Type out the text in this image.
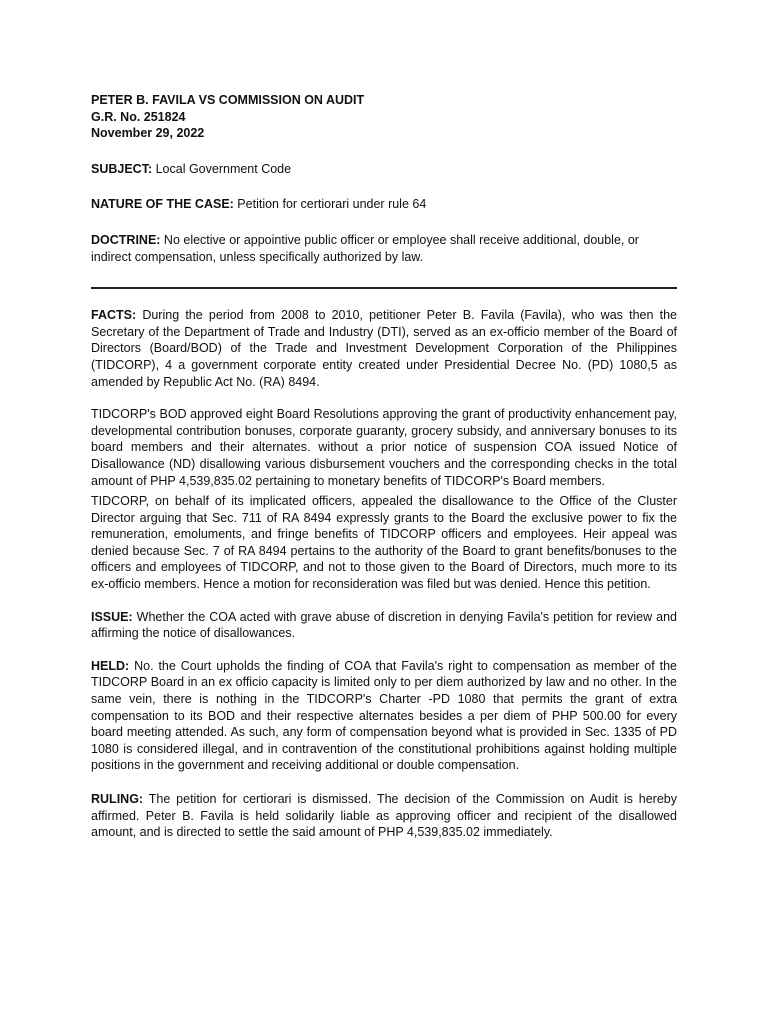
PETER B. FAVILA VS COMMISSION ON AUDIT
G.R. No. 251824
November 29, 2022

SUBJECT: Local Government Code

NATURE OF THE CASE: Petition for certiorari under rule 64

DOCTRINE: No elective or appointive public officer or employee shall receive additional, double, or indirect compensation, unless specifically authorized by law.

FACTS: During the period from 2008 to 2010, petitioner Peter B. Favila (Favila), who was then the Secretary of the Department of Trade and Industry (DTI), served as an ex-officio member of the Board of Directors (Board/BOD) of the Trade and Investment Development Corporation of the Philippines (TIDCORP), 4 a government corporate entity created under Presidential Decree No. (PD) 1080,5 as amended by Republic Act No. (RA) 8494.

TIDCORP's BOD approved eight Board Resolutions approving the grant of productivity enhancement pay, developmental contribution bonuses, corporate guaranty, grocery subsidy, and anniversary bonuses to its board members and their alternates. without a prior notice of suspension COA issued Notice of Disallowance (ND) disallowing various disbursement vouchers and the corresponding checks in the total amount of PHP 4,539,835.02 pertaining to monetary benefits of TIDCORP's Board members.

TIDCORP, on behalf of its implicated officers, appealed the disallowance to the Office of the Cluster Director arguing that Sec. 711 of RA 8494 expressly grants to the Board the exclusive power to fix the remuneration, emoluments, and fringe benefits of TIDCORP officers and employees. Heir appeal was denied because Sec. 7 of RA 8494 pertains to the authority of the Board to grant benefits/bonuses to the officers and employees of TIDCORP, and not to those given to the Board of Directors, much more to its ex-officio members. Hence a motion for reconsideration was filed but was denied. Hence this petition.

ISSUE: Whether the COA acted with grave abuse of discretion in denying Favila's petition for review and affirming the notice of disallowances.

HELD: No. the Court upholds the finding of COA that Favila's right to compensation as member of the TIDCORP Board in an ex officio capacity is limited only to per diem authorized by law and no other. In the same vein, there is nothing in the TIDCORP's Charter -PD 1080 that permits the grant of extra compensation to its BOD and their respective alternates besides a per diem of PHP 500.00 for every board meeting attended. As such, any form of compensation beyond what is provided in Sec. 1335 of PD 1080 is considered illegal, and in contravention of the constitutional prohibitions against holding multiple positions in the government and receiving additional or double compensation.

RULING: The petition for certiorari is dismissed. The decision of the Commission on Audit is hereby affirmed. Peter B. Favila is held solidarily liable as approving officer and recipient of the disallowed amount, and is directed to settle the said amount of PHP 4,539,835.02 immediately.
